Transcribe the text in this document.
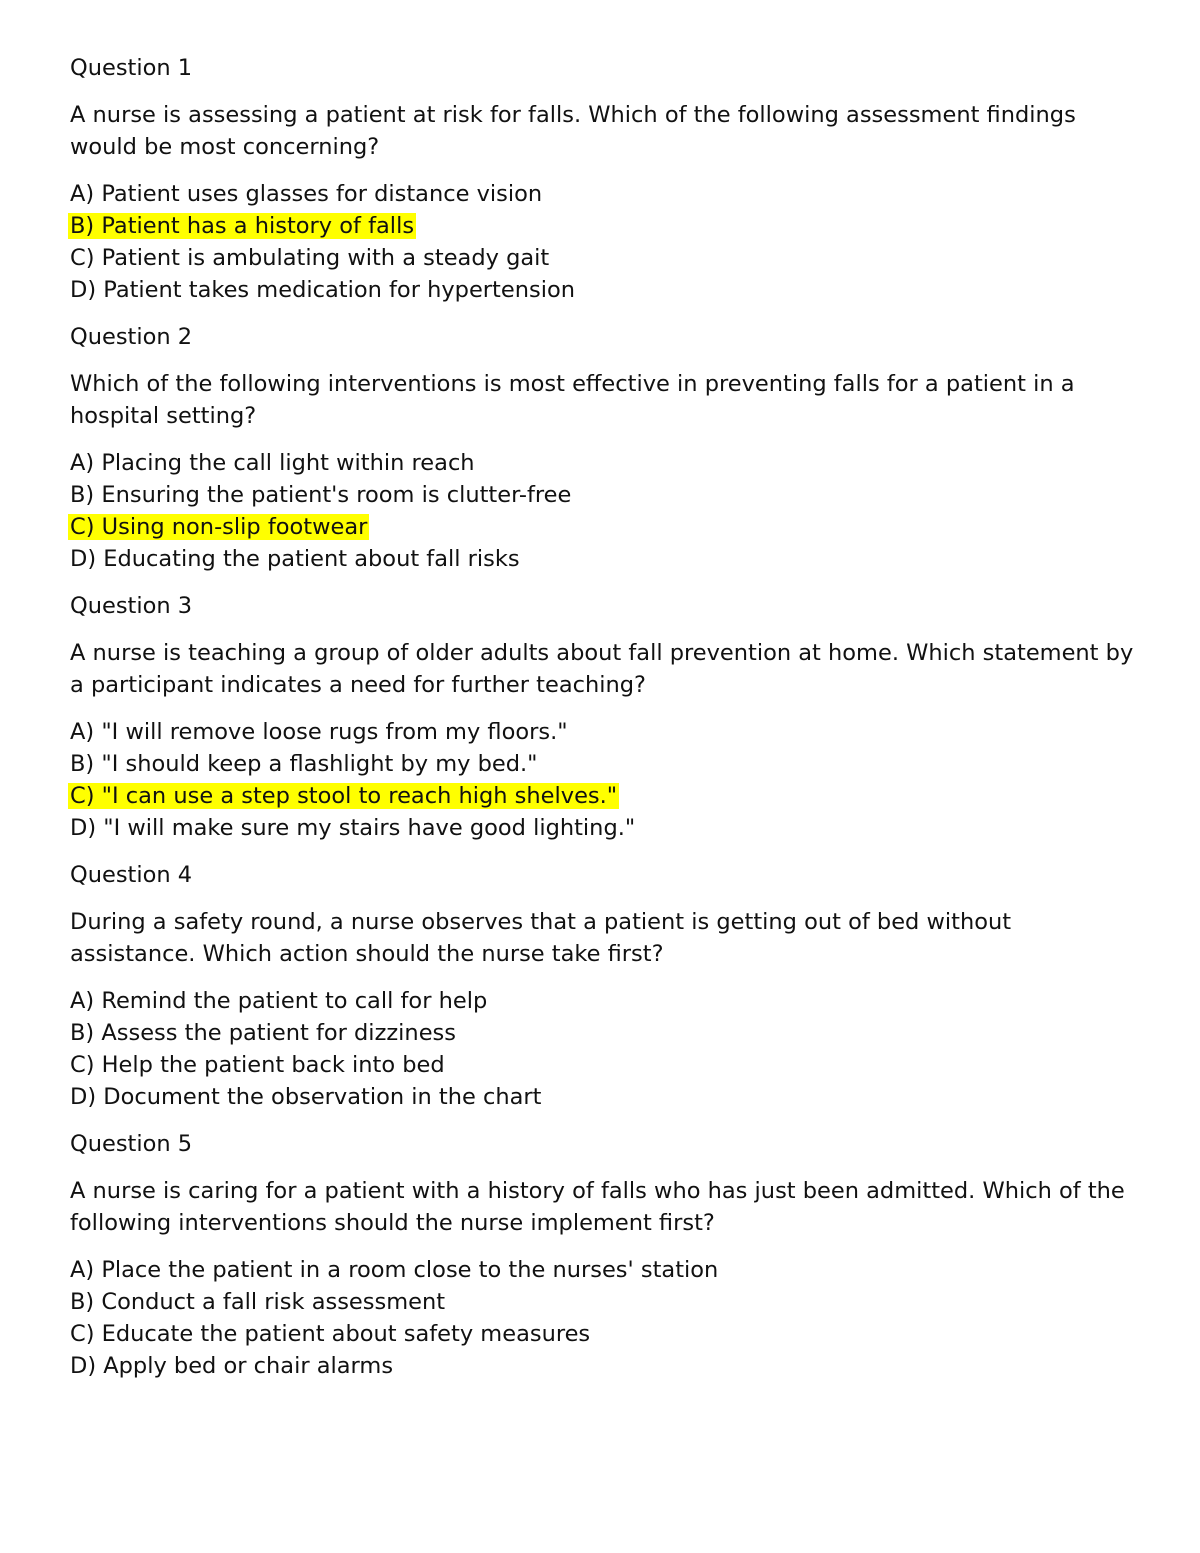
Question 1

A nurse is assessing a patient at risk for falls. Which of the following assessment findings would be most concerning?

A) Patient uses glasses for distance vision
B) Patient has a history of falls
C) Patient is ambulating with a steady gait
D) Patient takes medication for hypertension

Question 2

Which of the following interventions is most effective in preventing falls for a patient in a hospital setting?

A) Placing the call light within reach
B) Ensuring the patient's room is clutter-free
C) Using non-slip footwear
D) Educating the patient about fall risks

Question 3

A nurse is teaching a group of older adults about fall prevention at home. Which statement by a participant indicates a need for further teaching?

A) "I will remove loose rugs from my floors."
B) "I should keep a flashlight by my bed."
C) "I can use a step stool to reach high shelves."
D) "I will make sure my stairs have good lighting."

Question 4

During a safety round, a nurse observes that a patient is getting out of bed without assistance. Which action should the nurse take first?

A) Remind the patient to call for help
B) Assess the patient for dizziness
C) Help the patient back into bed
D) Document the observation in the chart

Question 5

A nurse is caring for a patient with a history of falls who has just been admitted. Which of the following interventions should the nurse implement first?

A) Place the patient in a room close to the nurses' station
B) Conduct a fall risk assessment
C) Educate the patient about safety measures
D) Apply bed or chair alarms
